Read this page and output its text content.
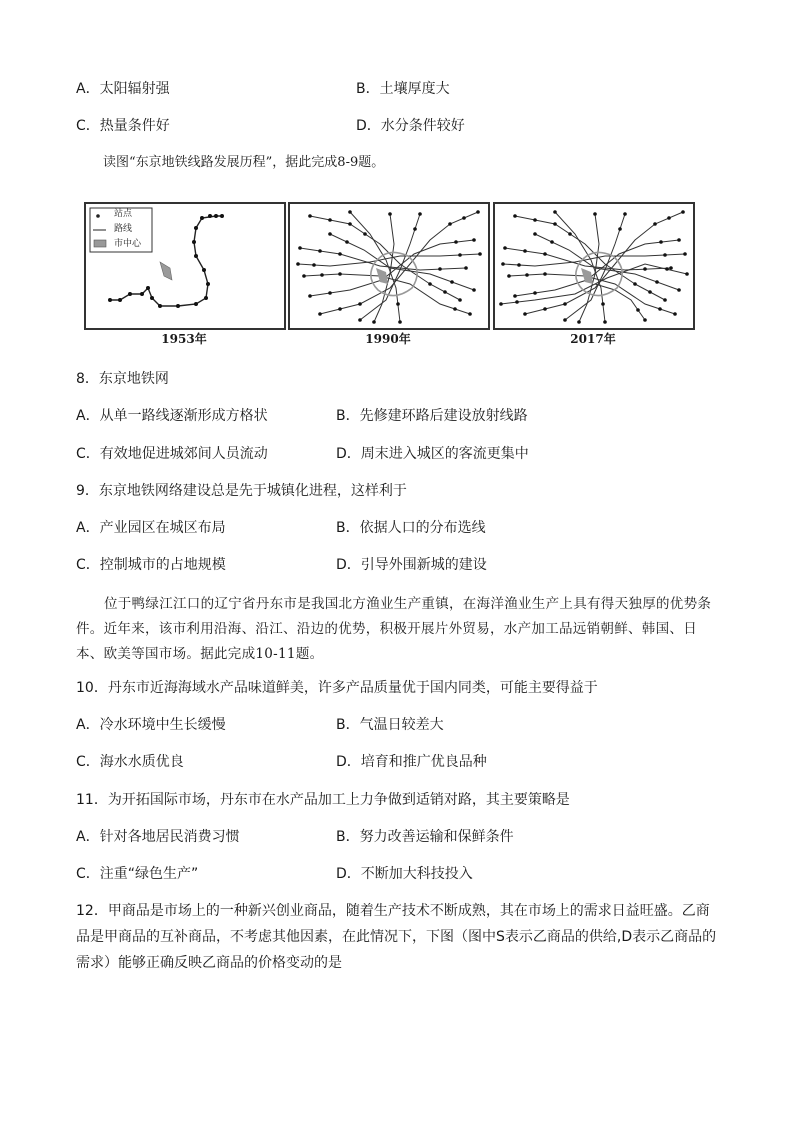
A．太阳辐射强	B．土壤厚度大
C．热量条件好	D．水分条件较好
读图“东京地铁线路发展历程”，据此完成8-9题。
站点
路线
市中心
1953年	1990年	2017年
8．东京地铁网
A．从单一路线逐渐形成方格状	B．先修建环路后建设放射线路
C．有效地促进城郊间人员流动	D．周末进入城区的客流更集中
9．东京地铁网络建设总是先于城镇化进程，这样利于
A．产业园区在城区布局	B．依据人口的分布选线
C．控制城市的占地规模	D．引导外围新城的建设

位于鸭绿江江口的辽宁省丹东市是我国北方渔业生产重镇，在海洋渔业生产上具有得天独厚的优势条件。近年来，该市利用沿海、沿江、沿边的优势，积极开展片外贸易，水产加工品远销朝鲜、韩国、日本、欧美等国市场。据此完成10-11题。

10．丹东市近海海域水产品味道鲜美，许多产品质量优于国内同类，可能主要得益于
A．冷水环境中生长缓慢	B．气温日较差大
C．海水水质优良	D．培育和推广优良品种
11．为开拓国际市场，丹东市在水产品加工上力争做到适销对路，其主要策略是
A．针对各地居民消费习惯	B．努力改善运输和保鲜条件
C．注重“绿色生产”	D．不断加大科技投入
12．甲商品是市场上的一种新兴创业商品，随着生产技术不断成熟，其在市场上的需求日益旺盛。乙商品是甲商品的互补商品，不考虑其他因素，在此情况下，下图（图中S表示乙商品的供给,D表示乙商品的需求）能够正确反映乙商品的价格变动的是
